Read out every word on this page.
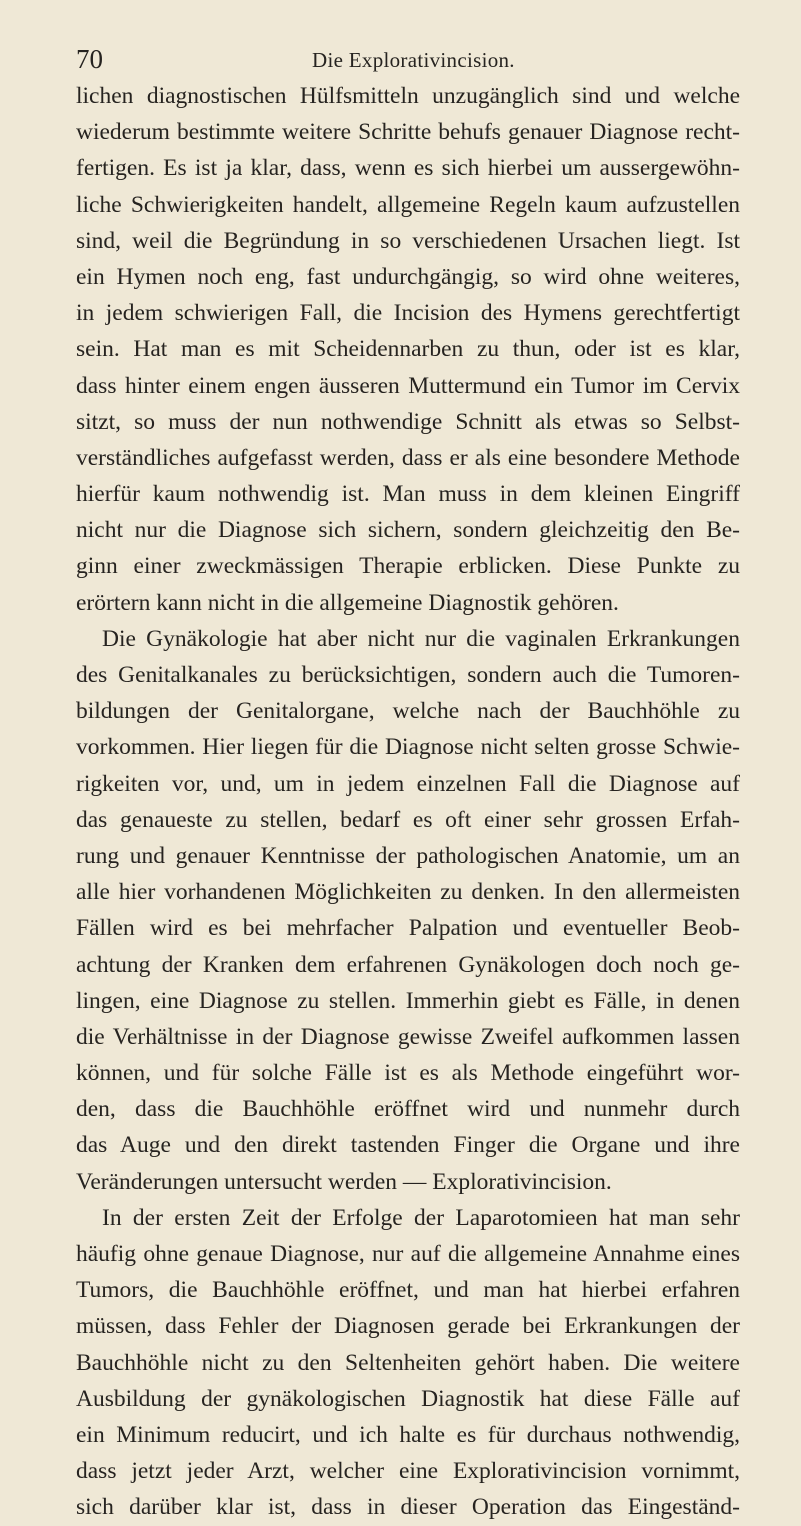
70	Die Explorativincision.
lichen diagnostischen Hülfsmitteln unzugänglich sind und welche
wiederum bestimmte weitere Schritte behufs genauer Diagnose recht-
fertigen. Es ist ja klar, dass, wenn es sich hierbei um aussergewöhn-
liche Schwierigkeiten handelt, allgemeine Regeln kaum aufzustellen
sind, weil die Begründung in so verschiedenen Ursachen liegt. Ist
ein Hymen noch eng, fast undurchgängig, so wird ohne weiteres,
in jedem schwierigen Fall, die Incision des Hymens gerechtfertigt
sein. Hat man es mit Scheidennarben zu thun, oder ist es klar,
dass hinter einem engen äusseren Muttermund ein Tumor im Cervix
sitzt, so muss der nun nothwendige Schnitt als etwas so Selbst-
verständliches aufgefasst werden, dass er als eine besondere Methode
hierfür kaum nothwendig ist. Man muss in dem kleinen Eingriff
nicht nur die Diagnose sich sichern, sondern gleichzeitig den Be-
ginn einer zweckmässigen Therapie erblicken. Diese Punkte zu
erörtern kann nicht in die allgemeine Diagnostik gehören.
Die Gynäkologie hat aber nicht nur die vaginalen Erkrankungen
des Genitalkanales zu berücksichtigen, sondern auch die Tumoren-
bildungen der Genitalorgane, welche nach der Bauchhöhle zu
vorkommen. Hier liegen für die Diagnose nicht selten grosse Schwie-
rigkeiten vor, und, um in jedem einzelnen Fall die Diagnose auf
das genaueste zu stellen, bedarf es oft einer sehr grossen Erfah-
rung und genauer Kenntnisse der pathologischen Anatomie, um an
alle hier vorhandenen Möglichkeiten zu denken. In den allermeisten
Fällen wird es bei mehrfacher Palpation und eventueller Beob-
achtung der Kranken dem erfahrenen Gynäkologen doch noch ge-
lingen, eine Diagnose zu stellen. Immerhin giebt es Fälle, in denen
die Verhältnisse in der Diagnose gewisse Zweifel aufkommen lassen
können, und für solche Fälle ist es als Methode eingeführt wor-
den, dass die Bauchhöhle eröffnet wird und nunmehr durch
das Auge und den direkt tastenden Finger die Organe und ihre
Veränderungen untersucht werden — Explorativincision.
In der ersten Zeit der Erfolge der Laparotomieen hat man sehr
häufig ohne genaue Diagnose, nur auf die allgemeine Annahme eines
Tumors, die Bauchhöhle eröffnet, und man hat hierbei erfahren
müssen, dass Fehler der Diagnosen gerade bei Erkrankungen der
Bauchhöhle nicht zu den Seltenheiten gehört haben. Die weitere
Ausbildung der gynäkologischen Diagnostik hat diese Fälle auf
ein Minimum reducirt, und ich halte es für durchaus nothwendig,
dass jetzt jeder Arzt, welcher eine Explorativincision vornimmt,
sich darüber klar ist, dass in dieser Operation das Eingeständ-
